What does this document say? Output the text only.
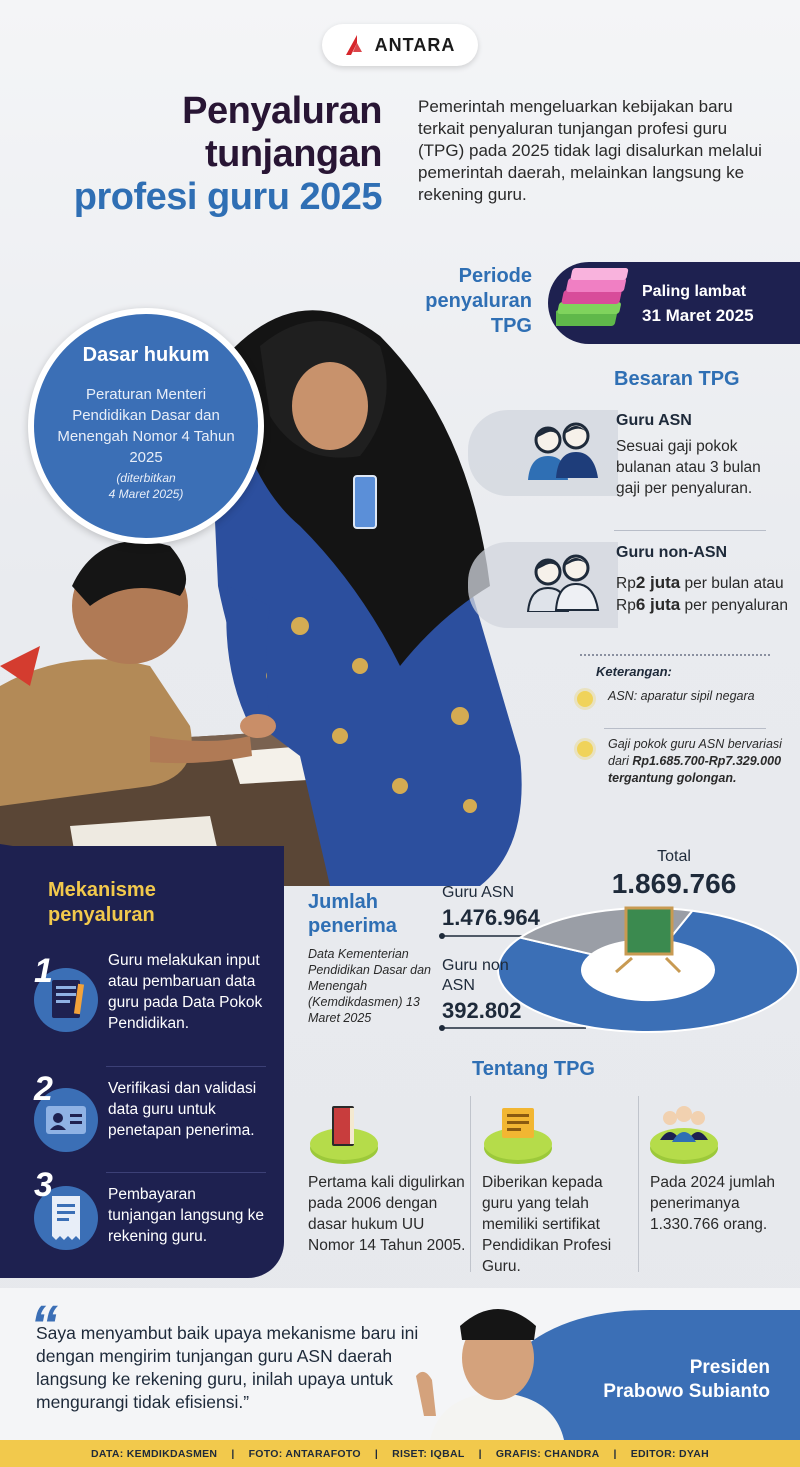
ANTARA
Penyaluran
tunjangan
profesi guru 2025
Pemerintah mengeluarkan kebijakan baru terkait penyaluran tunjangan profesi guru (TPG) pada 2025 tidak lagi disalurkan melalui pemerintah daerah, melainkan langsung ke rekening guru.
Periode
penyaluran
TPG
Paling lambat
31 Maret 2025
Dasar hukum
Peraturan Menteri Pendidikan Dasar dan Menengah Nomor 4 Tahun 2025
(diterbitkan
4 Maret 2025)
Besaran TPG
Guru ASN
Sesuai gaji pokok bulanan atau 3 bulan gaji per penyaluran.
Guru non-ASN
Rp2 juta per bulan atau Rp6 juta per penyaluran
Keterangan:
ASN: aparatur sipil negara
Gaji pokok guru ASN bervariasi dari Rp1.685.700-Rp7.329.000 tergantung golongan.
Mekanisme
penyaluran
1	Guru melakukan input atau pembaruan data guru pada Data Pokok Pendidikan.
2	Verifikasi dan validasi data guru untuk penetapan penerima.
3	Pembayaran tunjangan langsung ke rekening guru.
Jumlah
penerima
Data Kementerian Pendidikan Dasar dan Menengah (Kemdikdasmen) 13 Maret 2025
Total
1.869.766
Guru ASN
1.476.964
Guru non ASN
392.802
Tentang TPG
Pertama kali digulirkan pada 2006 dengan dasar hukum UU Nomor 14 Tahun 2005.
Diberikan kepada guru yang telah memiliki sertifikat Pendidikan Profesi Guru.
Pada 2024 jumlah penerimanya 1.330.766 orang.
“
Saya menyambut baik upaya mekanisme baru ini dengan mengirim tunjangan guru ASN daerah langsung ke rekening guru, inilah upaya untuk mengurangi tidak efisiensi.”
Presiden
Prabowo Subianto
DATA: KEMDIKDASMEN | FOTO: ANTARAFOTO | RISET: IQBAL | GRAFIS: CHANDRA | EDITOR: DYAH
